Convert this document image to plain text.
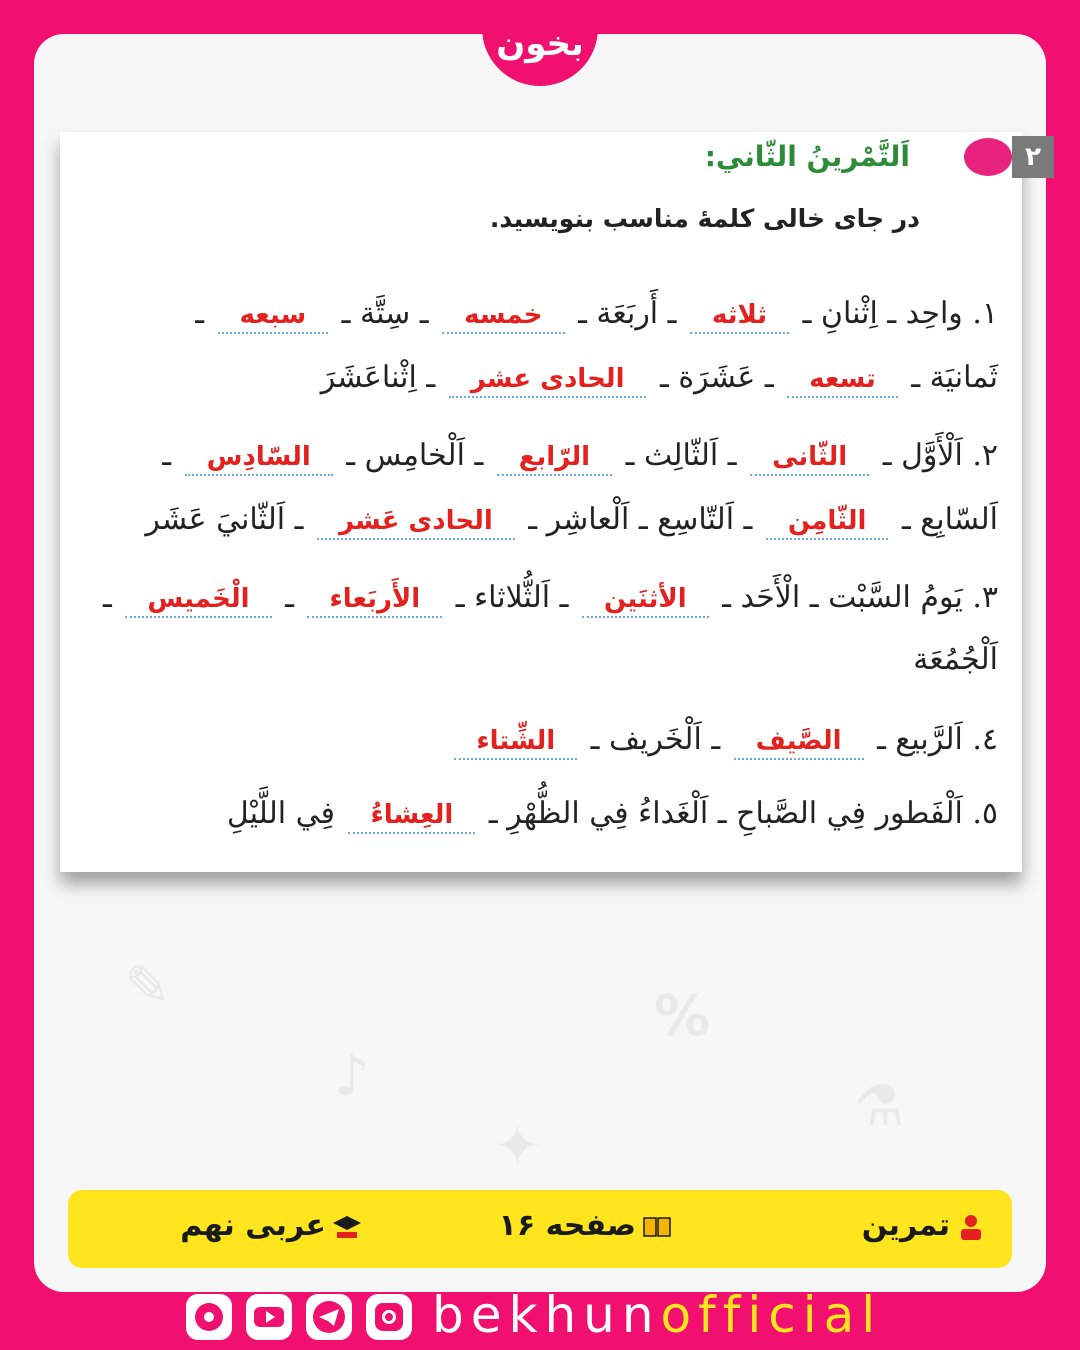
✎
♪
%
⚗
✦
بخون
۲
اَلتَّمْرينُ الثّاني:
در جای خالی کلمهٔ مناسب بنویسید.
۱. واحِد ـ اِثْنانِ ـ ثلاثه ـ أَربَعَة ـ خمسه ـ سِتَّة ـ سبعه ـ
ثَمانيَة ـ تسعه ـ عَشَرَة ـ الحادى عشر ـ اِثْناعَشَرَ
۲. اَلْأَوَّل ـ الثّانى ـ اَلثّالِث ـ الرّابع ـ اَلْخامِس ـ السّادِس ـ
اَلسّابِع ـ الثّامِن ـ اَلتّاسِع ـ اَلْعاشِر ـ الحادى عَشر ـ اَلثّانيَ عَشَر
۳. يَومُ السَّبْت ـ الْأَحَد ـ الأثنَين ـ اَلثُّلاثاء ـ الأَربَعاء ـ الْخَميس ـ
اَلْجُمُعَة
٤. اَلرَّبيع ـ الصَّيف ـ اَلْخَريف ـ الشِّتاء
٥. اَلْفَطور فِي الصَّباحِ ـ اَلْغَداءُ فِي الظُّهْرِ ـ العِشاءُ فِي اللَّيْلِ
تمرین
صفحه ۱۶
عربی نهم
bekhunofficial
